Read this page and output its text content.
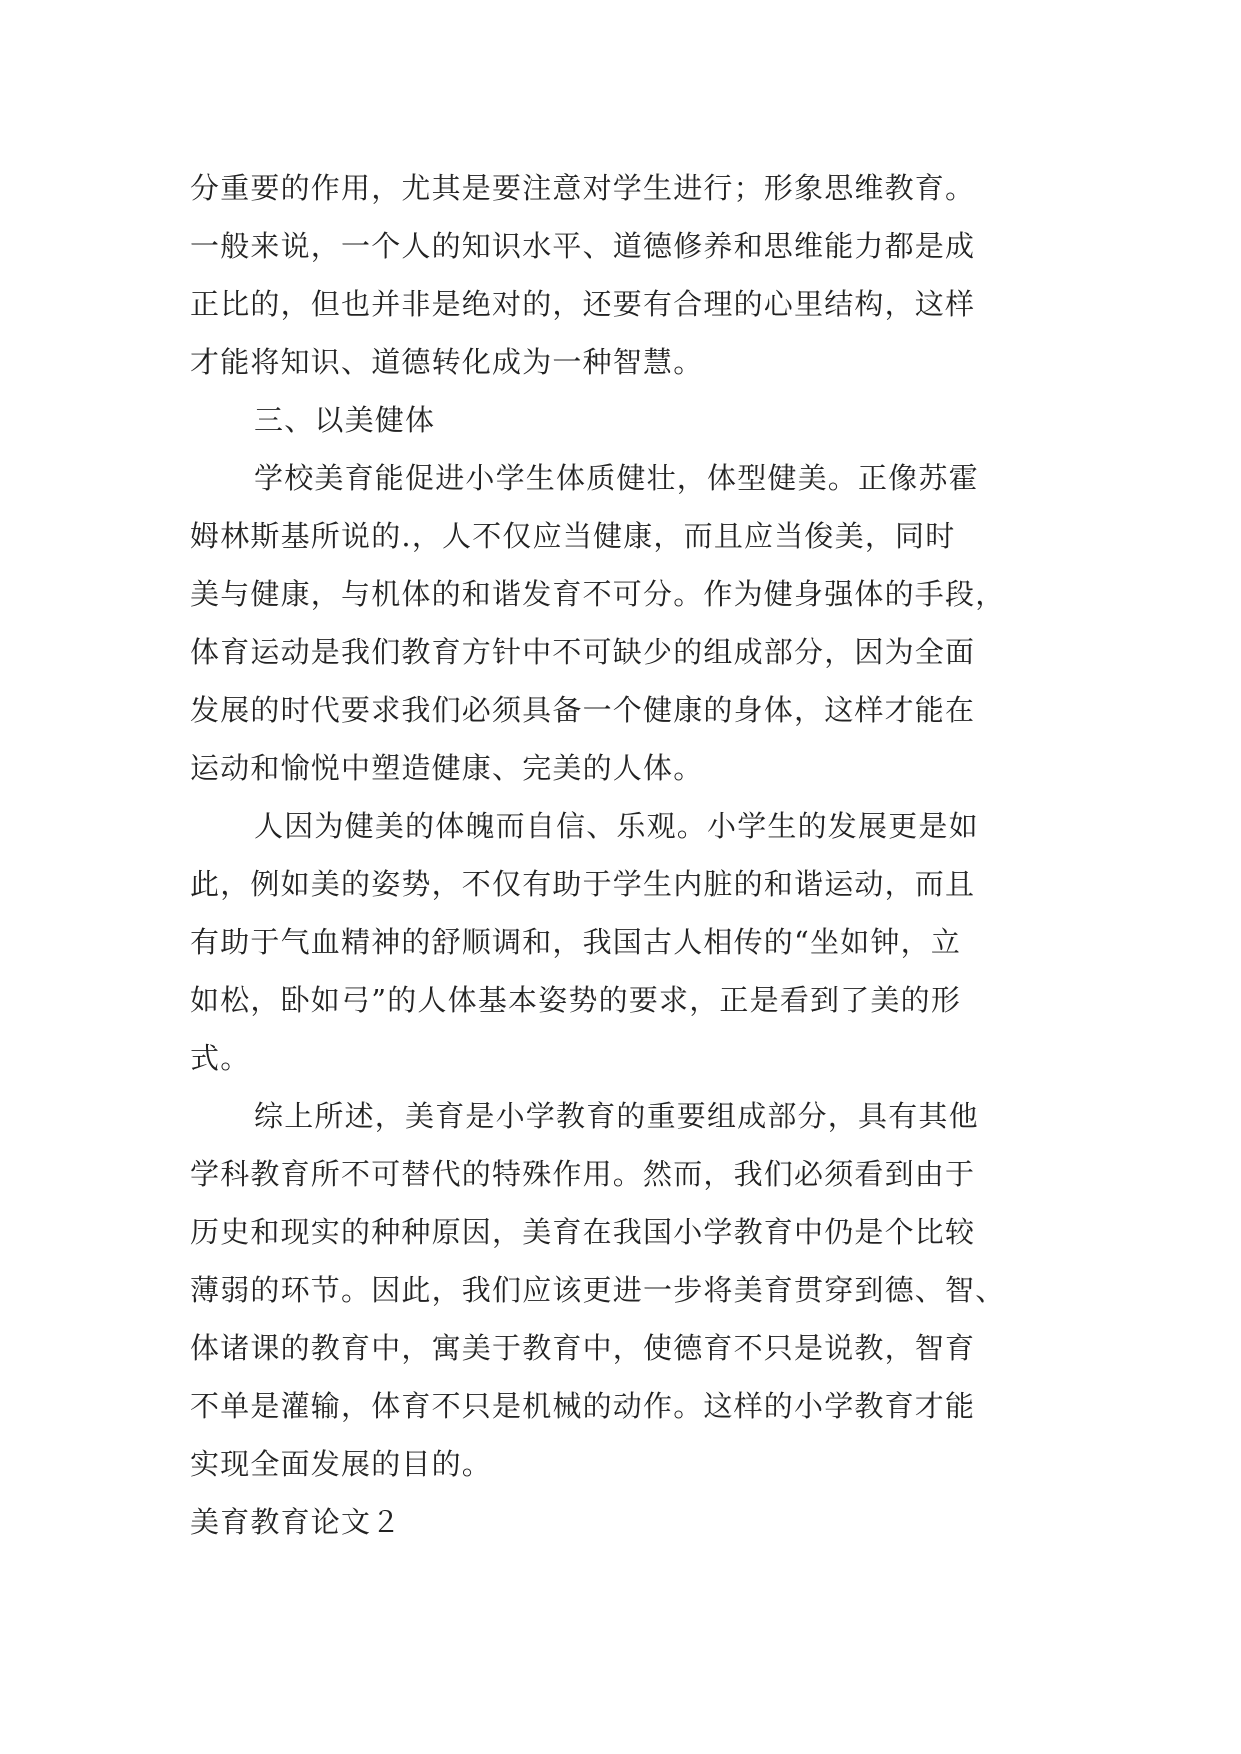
分重要的作用，尤其是要注意对学生进行；形象思维教育。
一般来说，一个人的知识水平、道德修养和思维能力都是成
正比的，但也并非是绝对的，还要有合理的心里结构，这样
才能将知识、道德转化成为一种智慧。
三、以美健体
学校美育能促进小学生体质健壮，体型健美。正像苏霍
姆林斯基所说的.，人不仅应当健康，而且应当俊美，同时
美与健康，与机体的和谐发育不可分。作为健身强体的手段，
体育运动是我们教育方针中不可缺少的组成部分，因为全面
发展的时代要求我们必须具备一个健康的身体，这样才能在
运动和愉悦中塑造健康、完美的人体。
人因为健美的体魄而自信、乐观。小学生的发展更是如
此，例如美的姿势，不仅有助于学生内脏的和谐运动，而且
有助于气血精神的舒顺调和，我国古人相传的“坐如钟，立
如松，卧如弓”的人体基本姿势的要求，正是看到了美的形
式。
综上所述，美育是小学教育的重要组成部分，具有其他
学科教育所不可替代的特殊作用。然而，我们必须看到由于
历史和现实的种种原因，美育在我国小学教育中仍是个比较
薄弱的环节。因此，我们应该更进一步将美育贯穿到德、智、
体诸课的教育中，寓美于教育中，使德育不只是说教，智育
不单是灌输，体育不只是机械的动作。这样的小学教育才能
实现全面发展的目的。
美育教育论文２
